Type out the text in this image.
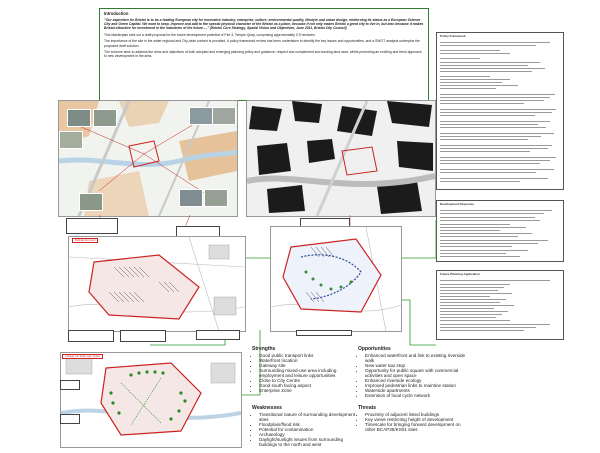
Introduction

"Our aspiration for Bristol is to be a leading European city for innovative industry, enterprise, culture, environmental quality, lifestyle and urban design, reinforcing its status as a European Science City and Green Capital. We want to keep, improve and add to the special physical character of the Bristol as a place, because if not only makes Bristol a great city to live in, but also because it makes Bristol attractive for investment in the industries of the future....." (Bristol Core Strategy, Spatial Vision and Objectives, June 2011, Bristol City Council)

This Masterplan sets out a draft proposal for the future development potential of Plot 3, Temple Quay, comprising approximately 0.9 hectares.

The importance of the site in the wider regional and City-wide context is provided. A policy framework review has been undertaken to identify the key issues and opportunities, and a SWOT analysis underpins the proposed draft solution.

The scheme aims to address the aims and objectives of both adopted and emerging planning policy and guidance, respect and complement surrounding land uses, whilst promoting an exciting and fresh approach to new development in the area.

Policy Framework
Development Response
Future Planning Application
Built Environment
Linkage into wider open space
Strengths
• Good public transport links
• Waterfront location
• Gateway site
• Surrounding mixed-use area including employment and leisure opportunities
• Close to City Centre
• Good south facing aspect
• Enterprise Zone
Opportunities
• Enhanced waterfront and link to existing riverside walk
• New water taxi stop
• Opportunity for public square with commercial activities and open space
• Enhanced riverside ecology
• Improved pedestrian links to maintine station
• Waterside apartments
• Extension of local cycle network
Weaknesses
• Transitional nature of surrounding development sites
• Floodplain/flood risk
• Potential for contamination
• Archaeology
• Daylight/sunlight issues from surrounding buildings to the north and west
Threats
• Proximity of adjacent listed buildings
• Key views restricting height of development
• Timescale for bringing forward development on other BCAP35/KS01 sites
